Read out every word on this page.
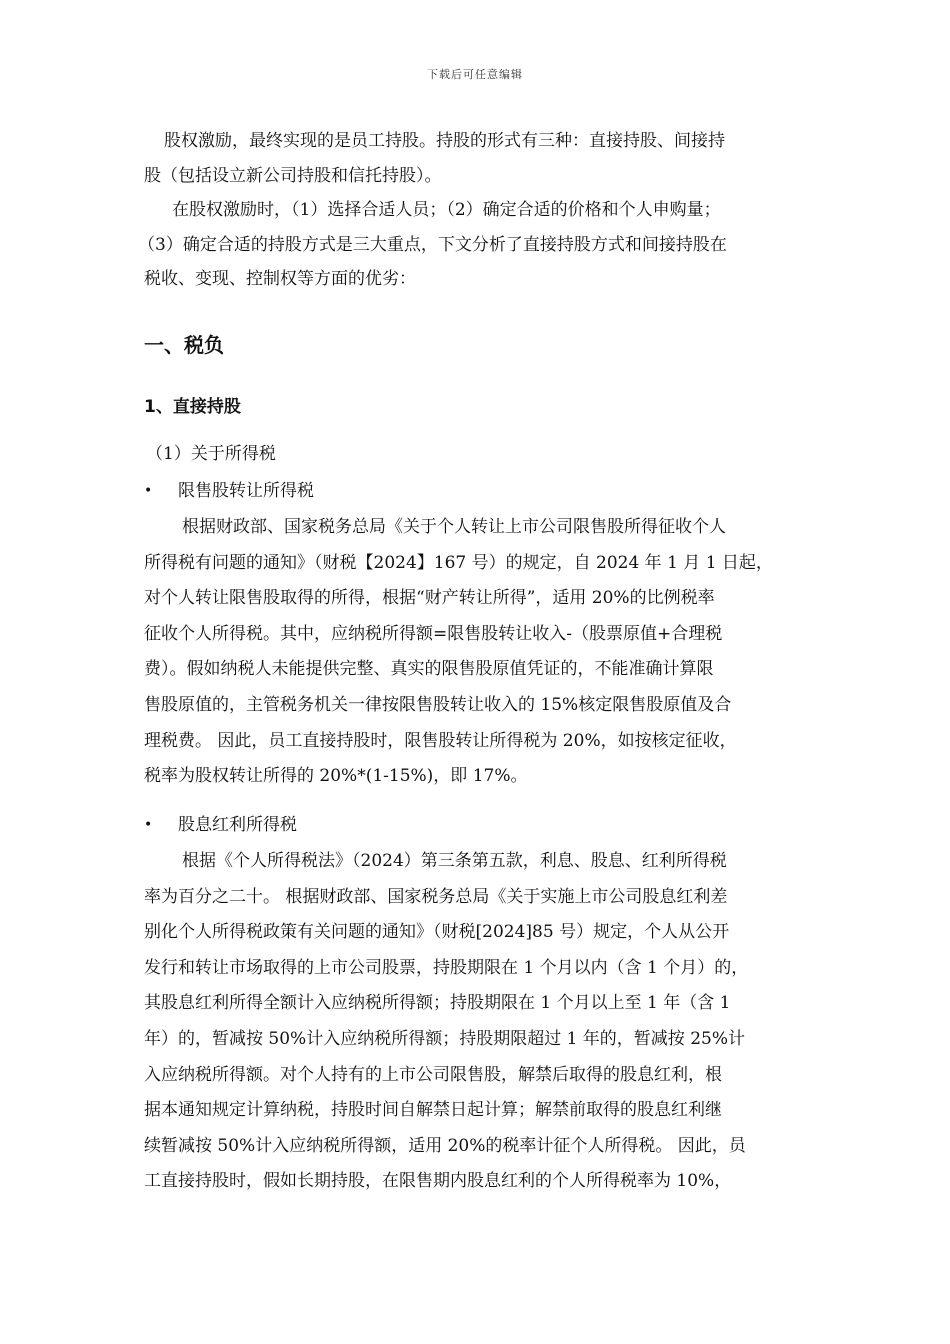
下载后可任意编辑

股权激励，最终实现的是员工持股。持股的形式有三种：直接持股、间接持

股（包括设立新公司持股和信托持股）。

在股权激励时，（1）选择合适人员；（2）确定合适的价格和个人申购量；

（3）确定合适的持股方式是三大重点，下文分析了直接持股方式和间接持股在

税收、变现、控制权等方面的优劣：

一、税负
1、直接持股

（1）关于所得税

•	限售股转让所得税

根据财政部、国家税务总局《关于个人转让上市公司限售股所得征收个人

所得税有问题的通知》（财税【2024】167 号）的规定，自 2024 年 1 月 1 日起，

对个人转让限售股取得的所得，根据“财产转让所得”，适用 20%的比例税率

征收个人所得税。其中，应纳税所得额=限售股转让收入-（股票原值+合理税

费）。假如纳税人未能提供完整、真实的限售股原值凭证的，不能准确计算限

售股原值的，主管税务机关一律按限售股转让收入的 15%核定限售股原值及合

理税费。 因此，员工直接持股时，限售股转让所得税为 20%，如按核定征收，

税率为股权转让所得的 20%*(1-15%)，即 17%。

•	股息红利所得税

根据《个人所得税法》（2024）第三条第五款，利息、股息、红利所得税

率为百分之二十。 根据财政部、国家税务总局《关于实施上市公司股息红利差

别化个人所得税政策有关问题的通知》（财税[2024]85 号）规定，个人从公开

发行和转让市场取得的上市公司股票，持股期限在 1 个月以内（含 1 个月）的，

其股息红利所得全额计入应纳税所得额；持股期限在 1 个月以上至 1 年（含 1

年）的，暂减按 50%计入应纳税所得额；持股期限超过 1 年的，暂减按 25%计

入应纳税所得额。对个人持有的上市公司限售股，解禁后取得的股息红利，根

据本通知规定计算纳税，持股时间自解禁日起计算；解禁前取得的股息红利继

续暂减按 50%计入应纳税所得额，适用 20%的税率计征个人所得税。 因此，员

工直接持股时，假如长期持股，在限售期内股息红利的个人所得税率为 10%，
